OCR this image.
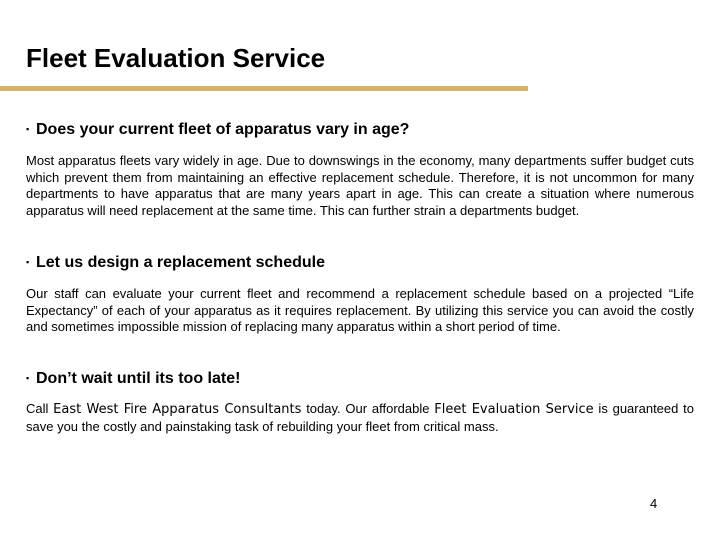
Fleet Evaluation Service
▪ Does your current fleet of apparatus vary in age?

Most apparatus fleets vary widely in age. Due to downswings in the economy, many departments suffer budget cuts which prevent them from maintaining an effective replacement schedule. Therefore, it is not uncommon for many departments to have apparatus that are many years apart in age. This can create a situation where numerous apparatus will need replacement at the same time. This can further strain a departments budget.

▪ Let us design a replacement schedule

Our staff can evaluate your current fleet and recommend a replacement schedule based on a projected “Life Expectancy” of each of your apparatus as it requires replacement. By utilizing this service you can avoid the costly and sometimes impossible mission of replacing many apparatus within a short period of time.

▪ Don’t wait until its too late!

Call East West Fire Apparatus Consultants today. Our affordable Fleet Evaluation Service is guaranteed to save you the costly and painstaking task of rebuilding your fleet from critical mass.

4
